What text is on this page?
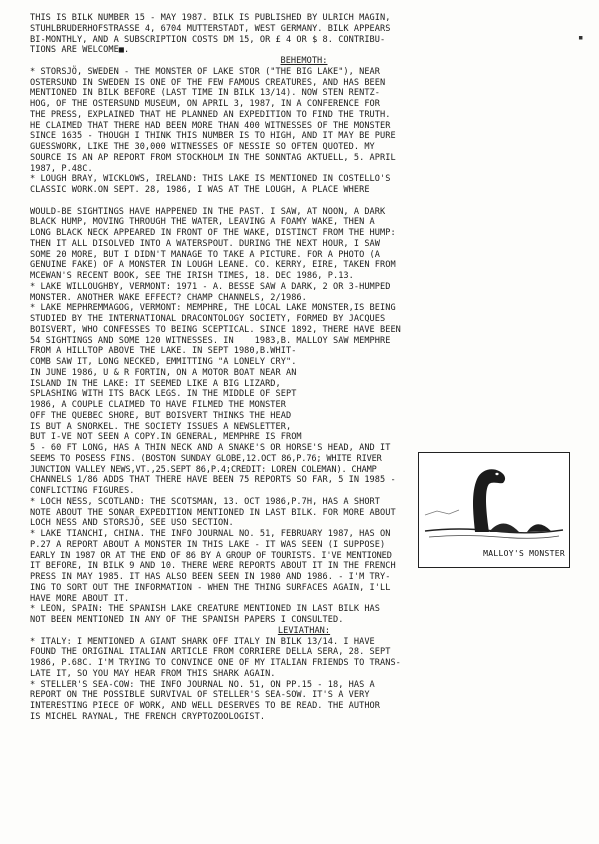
THIS IS BILK NUMBER 15 - MAY 1987. BILK IS PUBLISHED BY ULRICH MAGIN,

STUHLBRUDERHOFSTRASSE 4, 6704 MUTTERSTADT, WEST GERMANY. BILK APPEARS

BI-MONTHLY, AND A SUBSCRIPTION COSTS DM 15, OR £ 4 OR $ 8. CONTRIBU-

TIONS ARE WELCOME■.

BEHEMOTH:

* STORSJÖ, SWEDEN - THE MONSTER OF LAKE STOR ("THE BIG LAKE"), NEAR

OSTERSUND IN SWEDEN IS ONE OF THE FEW FAMOUS CREATURES, AND HAS BEEN

MENTIONED IN BILK BEFORE (LAST TIME IN BILK 13/14). NOW STEN RENTZ-

HOG, OF THE OSTERSUND MUSEUM, ON APRIL 3, 1987, IN A CONFERENCE FOR

THE PRESS, EXPLAINED THAT HE PLANNED AN EXPEDITION TO FIND THE TRUTH.

HE CLAIMED THAT THERE HAD BEEN MORE THAN 400 WITNESSES OF THE MONSTER

SINCE 1635 - THOUGH I THINK THIS NUMBER IS TO HIGH, AND IT MAY BE PURE

GUESSWORK, LIKE THE 30,000 WITNESSES OF NESSIE SO OFTEN QUOTED. MY

SOURCE IS AN AP REPORT FROM STOCKHOLM IN THE SONNTAG AKTUELL, 5. APRIL

1987, P.48C.

* LOUGH BRAY, WICKLOWS, IRELAND: THIS LAKE IS MENTIONED IN COSTELLO'S

CLASSIC WORK.ON SEPT. 28, 1986, I WAS AT THE LOUGH, A PLACE WHERE

WOULD-BE SIGHTINGS HAVE HAPPENED IN THE PAST. I SAW, AT NOON, A DARK

BLACK HUMP, MOVING THROUGH THE WATER, LEAVING A FOAMY WAKE, THEN A

LONG BLACK NECK APPEARED IN FRONT OF THE WAKE, DISTINCT FROM THE HUMP:

THEN IT ALL DISOLVED INTO A WATERSPOUT. DURING THE NEXT HOUR, I SAW

SOME 20 MORE, BUT I DIDN'T MANAGE TO TAKE A PICTURE. FOR A PHOTO (A

GENUINE FAKE) OF A MONSTER IN LOUGH LEANE. CO. KERRY, EIRE, TAKEN FROM

MCEWAN'S RECENT BOOK, SEE THE IRISH TIMES, 18. DEC 1986, P.13.

* LAKE WILLOUGHBY, VERMONT: 1971 - A. BESSE SAW A DARK, 2 OR 3-HUMPED

MONSTER. ANOTHER WAKE EFFECT? CHAMP CHANNELS, 2/1986.

* LAKE MEPHREMMAGOG, VERMONT: MEMPHRE, THE LOCAL LAKE MONSTER,IS BEING

STUDIED BY THE INTERNATIONAL DRACONTOLOGY SOCIETY, FORMED BY JACQUES

BOISVERT, WHO CONFESSES TO BEING SCEPTICAL. SINCE 1892, THERE HAVE BEEN

54 SIGHTINGS AND SOME 120 WITNESSES. IN    1983,B. MALLOY SAW MEMPHRE

FROM A HILLTOP ABOVE THE LAKE. IN SEPT 1980,B.WHIT-

COMB SAW IT, LONG NECKED, EMMITTING "A LONELY CRY".

IN JUNE 1986, U & R FORTIN, ON A MOTOR BOAT NEAR AN

ISLAND IN THE LAKE: IT SEEMED LIKE A BIG LIZARD,

SPLASHING WITH ITS BACK LEGS. IN THE MIDDLE OF SEPT

1986, A COUPLE CLAIMED TO HAVE FILMED THE MONSTER

OFF THE QUEBEC SHORE, BUT BOISVERT THINKS THE HEAD

IS BUT A SNORKEL. THE SOCIETY ISSUES A NEWSLETTER,

BUT I-VE NOT SEEN A COPY.IN GENERAL, MEMPHRE IS FROM

5 - 60 FT LONG, HAS A THIN NECK AND A SNAKE'S OR HORSE'S HEAD, AND IT

SEEMS TO POSESS FINS. (BOSTON SUNDAY GLOBE,12.OCT 86,P.76; WHITE RIVER

JUNCTION VALLEY NEWS,VT.,25.SEPT 86,P.4;CREDIT: LOREN COLEMAN). CHAMP

CHANNELS 1/86 ADDS THAT THERE HAVE BEEN 75 REPORTS SO FAR, 5 IN 1985 -

CONFLICTING FIGURES.

* LOCH NESS, SCOTLAND: THE SCOTSMAN, 13. OCT 1986,P.7H, HAS A SHORT

NOTE ABOUT THE SONAR EXPEDITION MENTIONED IN LAST BILK. FOR MORE ABOUT

LOCH NESS AND STORSJÖ, SEE USO SECTION.

* LAKE TIANCHI, CHINA. THE INFO JOURNAL NO. 51, FEBRUARY 1987, HAS ON

P.27 A REPORT ABOUT A MONSTER IN THIS LAKE - IT WAS SEEN (I SUPPOSE)

EARLY IN 1987 OR AT THE END OF 86 BY A GROUP OF TOURISTS. I'VE MENTIONED

IT BEFORE, IN BILK 9 AND 10. THERE WERE REPORTS ABOUT IT IN THE FRENCH

PRESS IN MAY 1985. IT HAS ALSO BEEN SEEN IN 1980 AND 1986. - I'M TRY-

ING TO SORT OUT THE INFORMATION - WHEN THE THING SURFACES AGAIN, I'LL

HAVE MORE ABOUT IT.

* LEON, SPAIN: THE SPANISH LAKE CREATURE MENTIONED IN LAST BILK HAS

NOT BEEN MENTIONED IN ANY OF THE SPANISH PAPERS I CONSULTED.

LEVIATHAN:

* ITALY: I MENTIONED A GIANT SHARK OFF ITALY IN BILK 13/14. I HAVE

FOUND THE ORIGINAL ITALIAN ARTICLE FROM CORRIERE DELLA SERA, 28. SEPT

1986, P.68C. I'M TRYING TO CONVINCE ONE OF MY ITALIAN FRIENDS TO TRANS-

LATE IT, SO YOU MAY HEAR FROM THIS SHARK AGAIN.

* STELLER'S SEA-COW: THE INFO JOURNAL NO. 51, ON PP.15 - 18, HAS A

REPORT ON THE POSSIBLE SURVIVAL OF STELLER'S SEA-SOW. IT'S A VERY

INTERESTING PIECE OF WORK, AND WELL DESERVES TO BE READ. THE AUTHOR

IS MICHEL RAYNAL, THE FRENCH CRYPTOZOOLOGIST.

MALLOY'S MONSTER
▪
